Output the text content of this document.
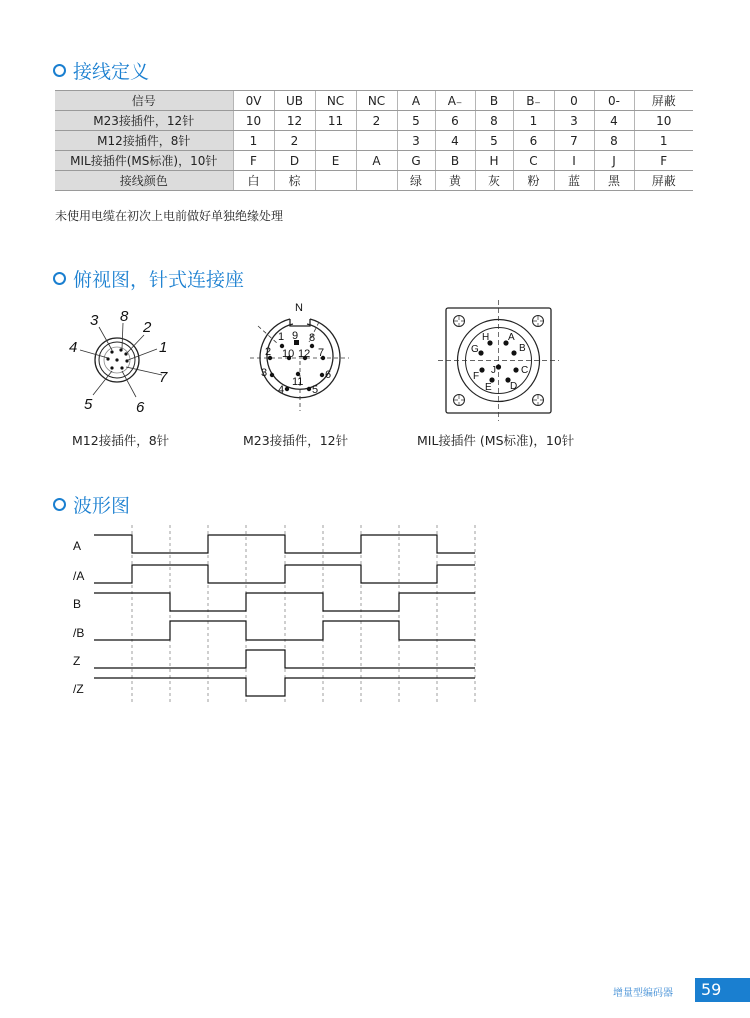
接线定义
信号	0V	UB	NC	NC	A	A₋	B	B₋	0	0-	屏蔽
M23接插件，12针	10	12	11	2	5	6	8	1	3	4	10
M12接插件，8针	1	2			3	4	5	6	7	8	1
MIL接插件(MS标准)，10针	F	D	E	A	G	B	H	C	I	J	F
接线颜色	白	棕			绿	黄	灰	粉	蓝	黑	屏蔽
未使用电缆在初次上电前做好单独绝缘处理
俯视图，针式连接座
3 8
2
4	1
7
5	6
M12接插件，8针
N
9
1 8
2 10 12 7
3
11
6
4	5
M23接插件，12针
H A
G	B
J
F
C
E D
MIL接插件 (MS标准)，10针
波形图
A
/A
B
/B
Z
/Z
增量型编码器	59
